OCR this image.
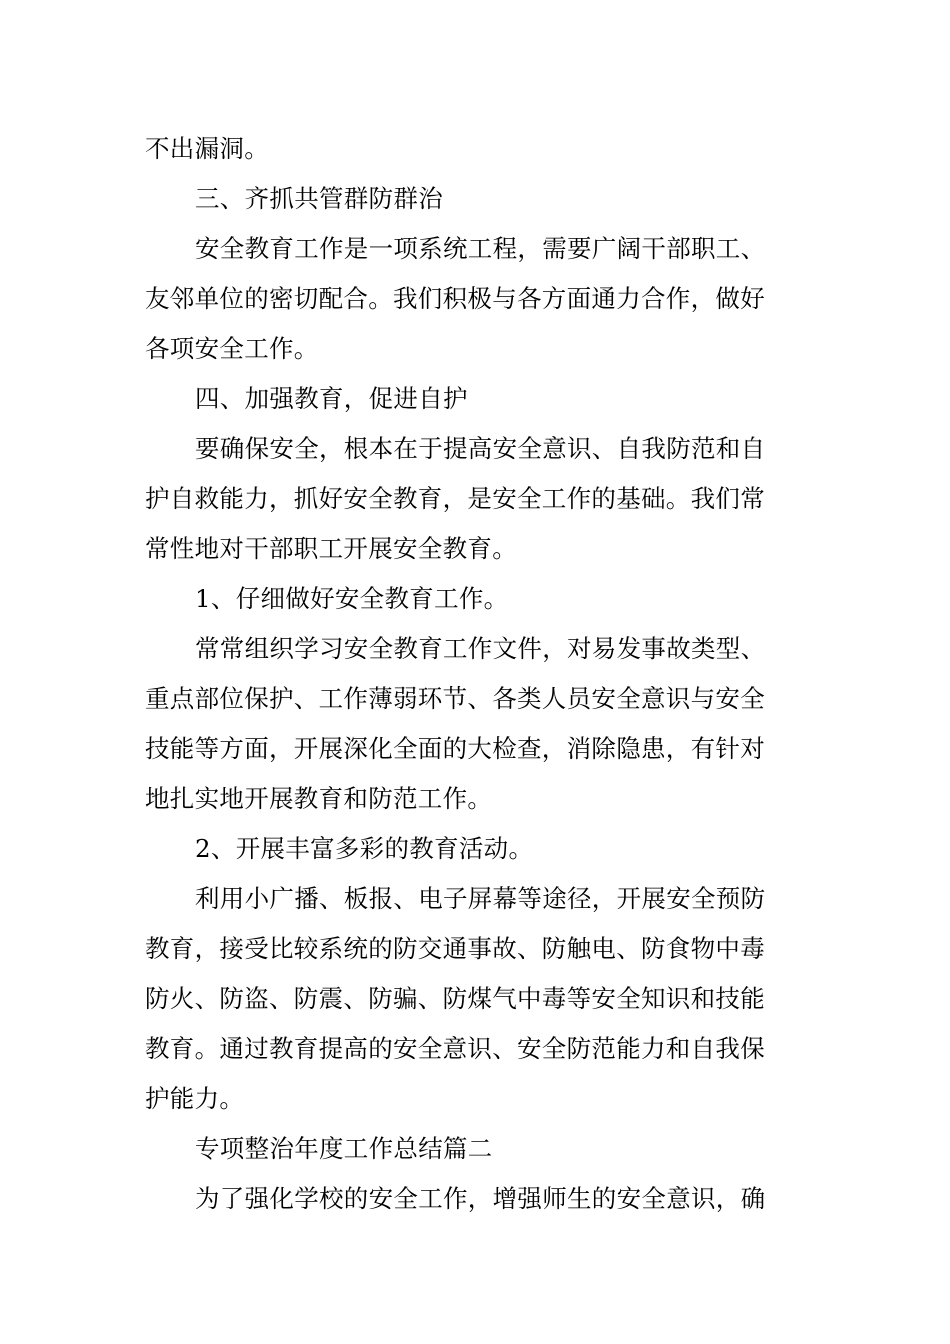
不出漏洞。
三、齐抓共管群防群治
安全教育工作是一项系统工程，需要广阔干部职工、
友邻单位的密切配合。我们积极与各方面通力合作，做好
各项安全工作。
四、加强教育，促进自护
要确保安全，根本在于提高安全意识、自我防范和自
护自救能力，抓好安全教育，是安全工作的基础。我们常
常性地对干部职工开展安全教育。
1、仔细做好安全教育工作。
常常组织学习安全教育工作文件，对易发事故类型、
重点部位保护、工作薄弱环节、各类人员安全意识与安全
技能等方面，开展深化全面的大检查，消除隐患，有针对
地扎实地开展教育和防范工作。
2、开展丰富多彩的教育活动。
利用小广播、板报、电子屏幕等途径，开展安全预防
教育，接受比较系统的防交通事故、防触电、防食物中毒
防火、防盗、防震、防骗、防煤气中毒等安全知识和技能
教育。通过教育提高的安全意识、安全防范能力和自我保
护能力。
专项整治年度工作总结篇二
为了强化学校的安全工作，增强师生的安全意识，确
